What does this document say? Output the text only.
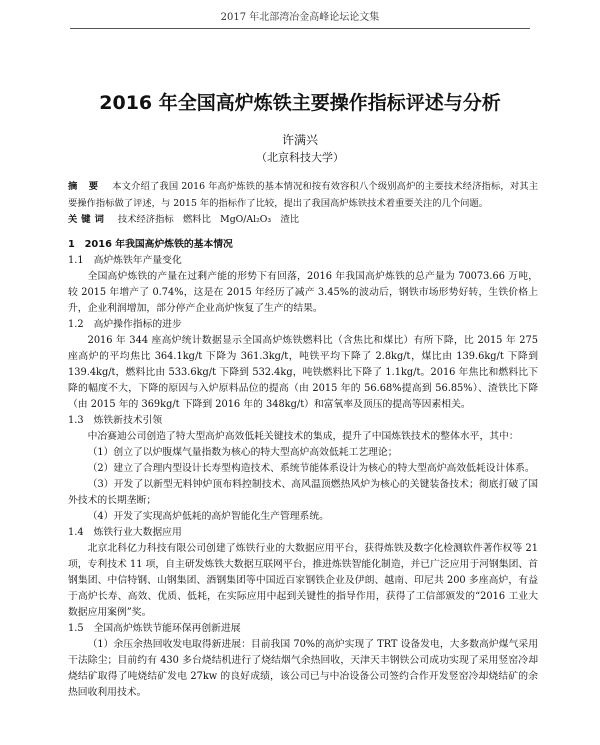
2017 年北部湾冶金高峰论坛论文集
2016 年全国高炉炼铁主要操作指标评述与分析
许满兴
（北京科技大学）
摘 要 本文介绍了我国 2016 年高炉炼铁的基本情况和按有效容积八个级别高炉的主要技术经济指标，对其主要操作指标做了评述，与 2015 年的指标作了比较，提出了我国高炉炼铁技术着重要关注的几个问题。
关键词 技术经济指标　燃料比　MgO/Al₂O₃　渣比

1　2016 年我国高炉炼铁的基本情况

1.1 高炉炼铁年产量变化

全国高炉炼铁的产量在过剩产能的形势下有回落，2016 年我国高炉炼铁的总产量为 70073.66 万吨，较 2015 年增产了 0.74%，这是在 2015 年经历了减产 3.45%的波动后，钢铁市场形势好转，生铁价格上升，企业利润增加，部分停产企业高炉恢复了生产的结果。

1.2 高炉操作指标的进步

2016 年 344 座高炉统计数据显示全国高炉炼铁燃料比（含焦比和煤比）有所下降，比 2015 年 275 座高炉的平均焦比 364.1kg/t 下降为 361.3kg/t，吨铁平均下降了 2.8kg/t，煤比由 139.6kg/t 下降到 139.4kg/t，燃料比由 533.6kg/t 下降到 532.4kg，吨铁燃料比下降了 1.1kg/t。2016 年焦比和燃料比下降的幅度不大，下降的原因与入炉原料品位的提高（由 2015 年的 56.68%提高到 56.85%）、渣铁比下降（由 2015 年的 369kg/t 下降到 2016 年的 348kg/t）和富氧率及顶压的提高等因素相关。

1.3 炼铁新技术引领

中冶赛迪公司创造了特大型高炉高效低耗关键技术的集成，提升了中国炼铁技术的整体水平，其中：

（1）创立了以炉腹煤气量指数为核心的特大型高炉高效低耗工艺理论；

（2）建立了合理内型设计长寿型构造技术、系统节能体系设计为核心的特大型高炉高效低耗设计体系。

（3）开发了以新型无料钟炉顶布料控制技术、高风温顶燃热风炉为核心的关键装备技术；彻底打破了国外技术的长期垄断；

（4）开发了实现高炉低耗的高炉智能化生产管理系统。

1.4 炼铁行业大数据应用

北京北科亿力科技有限公司创建了炼铁行业的大数据应用平台，获得炼铁及数字化检测软件著作权等 21 项，专利技术 11 项，自主研发炼铁大数据互联网平台，推进炼铁智能化制造，并已广泛应用于河钢集团、首钢集团、中信特钢、山钢集团、酒钢集团等中国近百家钢铁企业及伊朗、越南、印尼共 200 多座高炉，有益于高炉长寿、高效、优质、低耗，在实际应用中起到关键性的指导作用，获得了工信部颁发的“2016 工业大数据应用案例”奖。

1.5 全国高炉炼铁节能环保再创新进展

（1）余压余热回收发电取得新进展：目前我国 70%的高炉实现了 TRT 设备发电，大多数高炉煤气采用干法除尘；目前约有 430 多台烧结机进行了烧结烟气余热回收，天津天丰钢铁公司成功实现了采用竖窑冷却烧结矿取得了吨烧结矿发电 27kw 的良好成绩，该公司已与中冶设备公司签约合作开发竖窑冷却烧结矿的余热回收利用技术。
